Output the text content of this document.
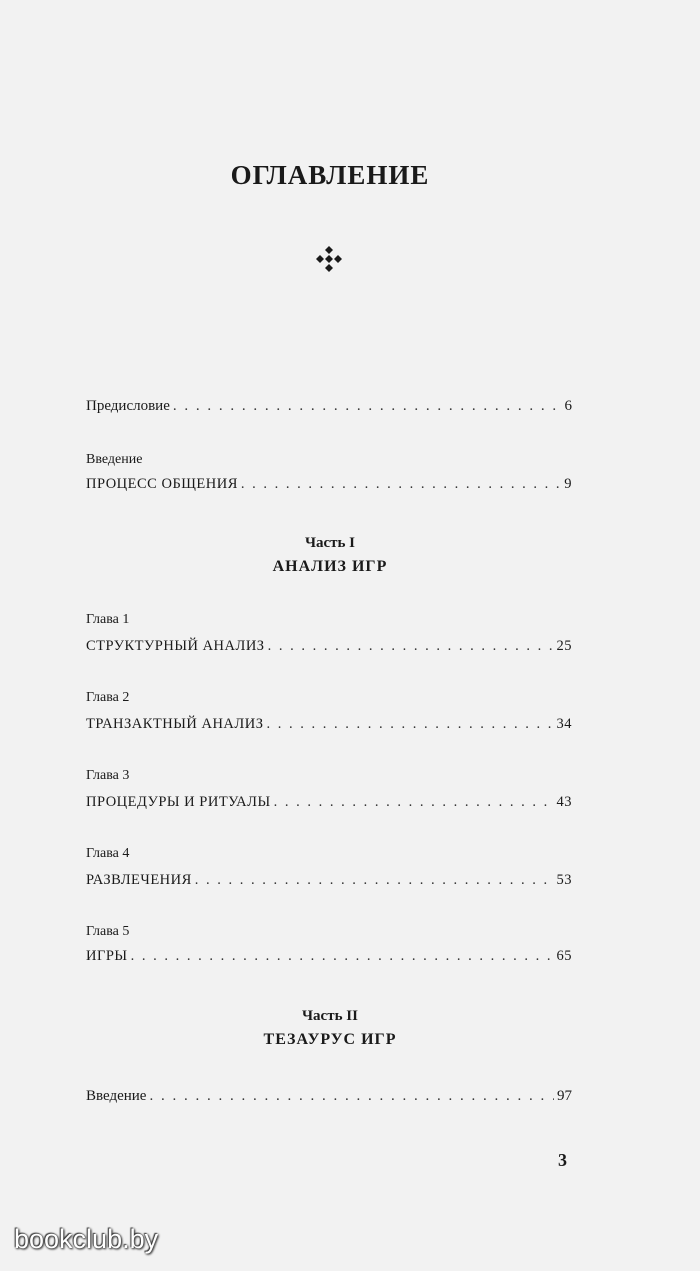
ОГЛАВЛЕНИЕ
Предисловие . . .	6
Введение
ПРОЦЕСС ОБЩЕНИЯ . . .	9
Часть I
АНАЛИЗ ИГР
Глава 1
СТРУКТУРНЫЙ АНАЛИЗ . . .	25
Глава 2
ТРАНЗАКТНЫЙ АНАЛИЗ . . .	34
Глава 3
ПРОЦЕДУРЫ И РИТУАЛЫ . . .	43
Глава 4
РАЗВЛЕЧЕНИЯ . . .	53
Глава 5
ИГРЫ . . .	65
Часть II
ТЕЗАУРУС ИГР
Введение . . .	97
3
bookclub.by
